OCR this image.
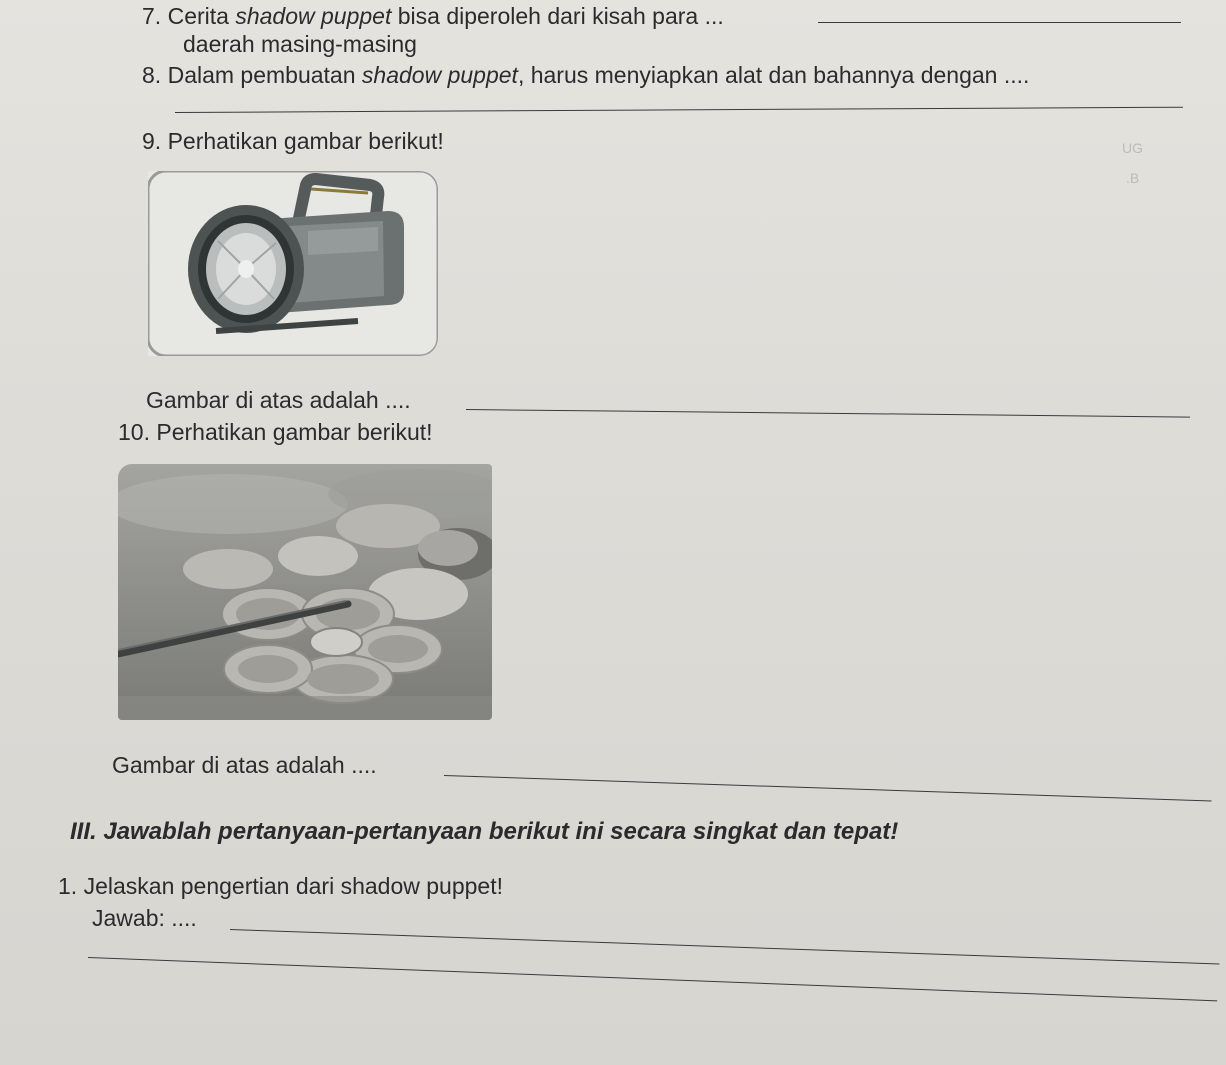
UG
.B
7. Cerita shadow puppet bisa diperoleh dari kisah para ...
daerah masing-masing
8. Dalam pembuatan shadow puppet, harus menyiapkan alat dan bahannya dengan ....
9. Perhatikan gambar berikut!
Gambar di atas adalah ....
10. Perhatikan gambar berikut!
Gambar di atas adalah ....
III. Jawablah pertanyaan-pertanyaan berikut ini secara singkat dan tepat!
1. Jelaskan pengertian dari shadow puppet!
Jawab: ....
